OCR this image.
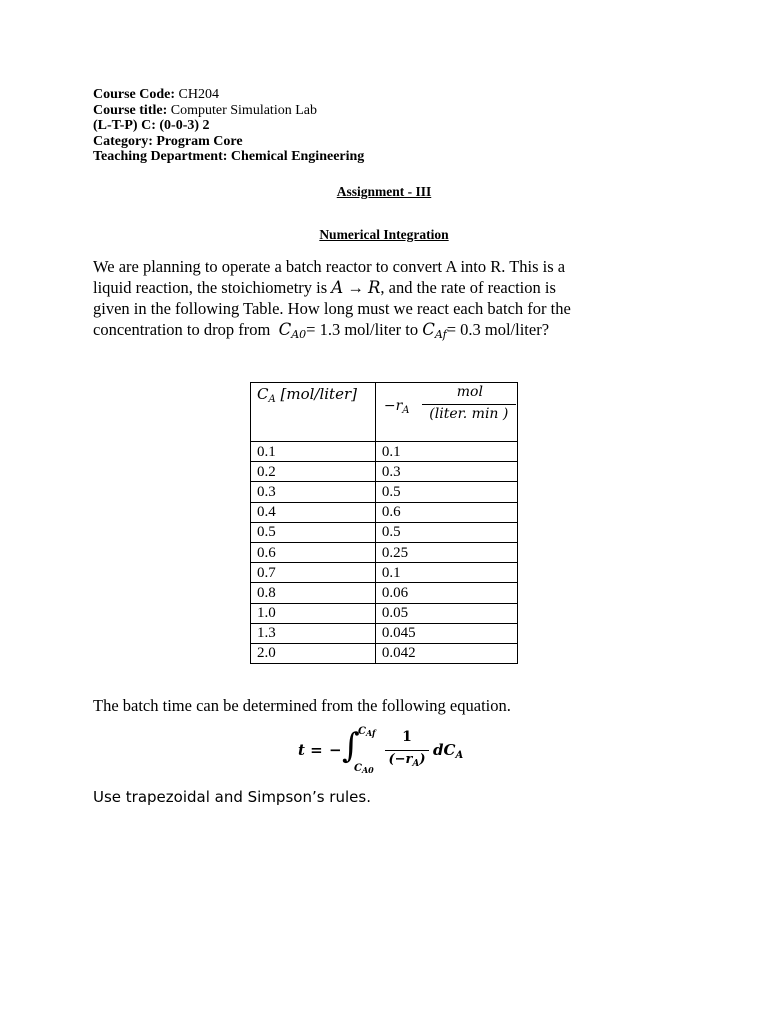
Course Code: CH204
Course title: Computer Simulation Lab
(L-T-P) C: (0-0-3) 2
Category: Program Core
Teaching Department: Chemical Engineering
Assignment - III
Numerical Integration
We are planning to operate a batch reactor to convert A into R. This is a
liquid reaction, the stoichiometry is A → R, and the rate of reaction is
given in the following Table. How long must we react each batch for the
concentration to drop from CA0= 1.3 mol/liter to CAf= 0.3 mol/liter?
$C_A$ [mol/liter]	$-r_A$
mol
(liter. min )

0.1	0.1
0.2	0.3
0.3	0.5
0.4	0.6
0.5	0.5
0.6	0.25
0.7	0.1
0.8	0.06
1.0	0.05
1.3	0.045
2.0	0.042
The batch time can be determined from the following equation.
t = − ∫
$C_{Af}$
$C_{A0}$
1
$(-r_A)$
$dC_A$
Use trapezoidal and Simpson’s rules.
